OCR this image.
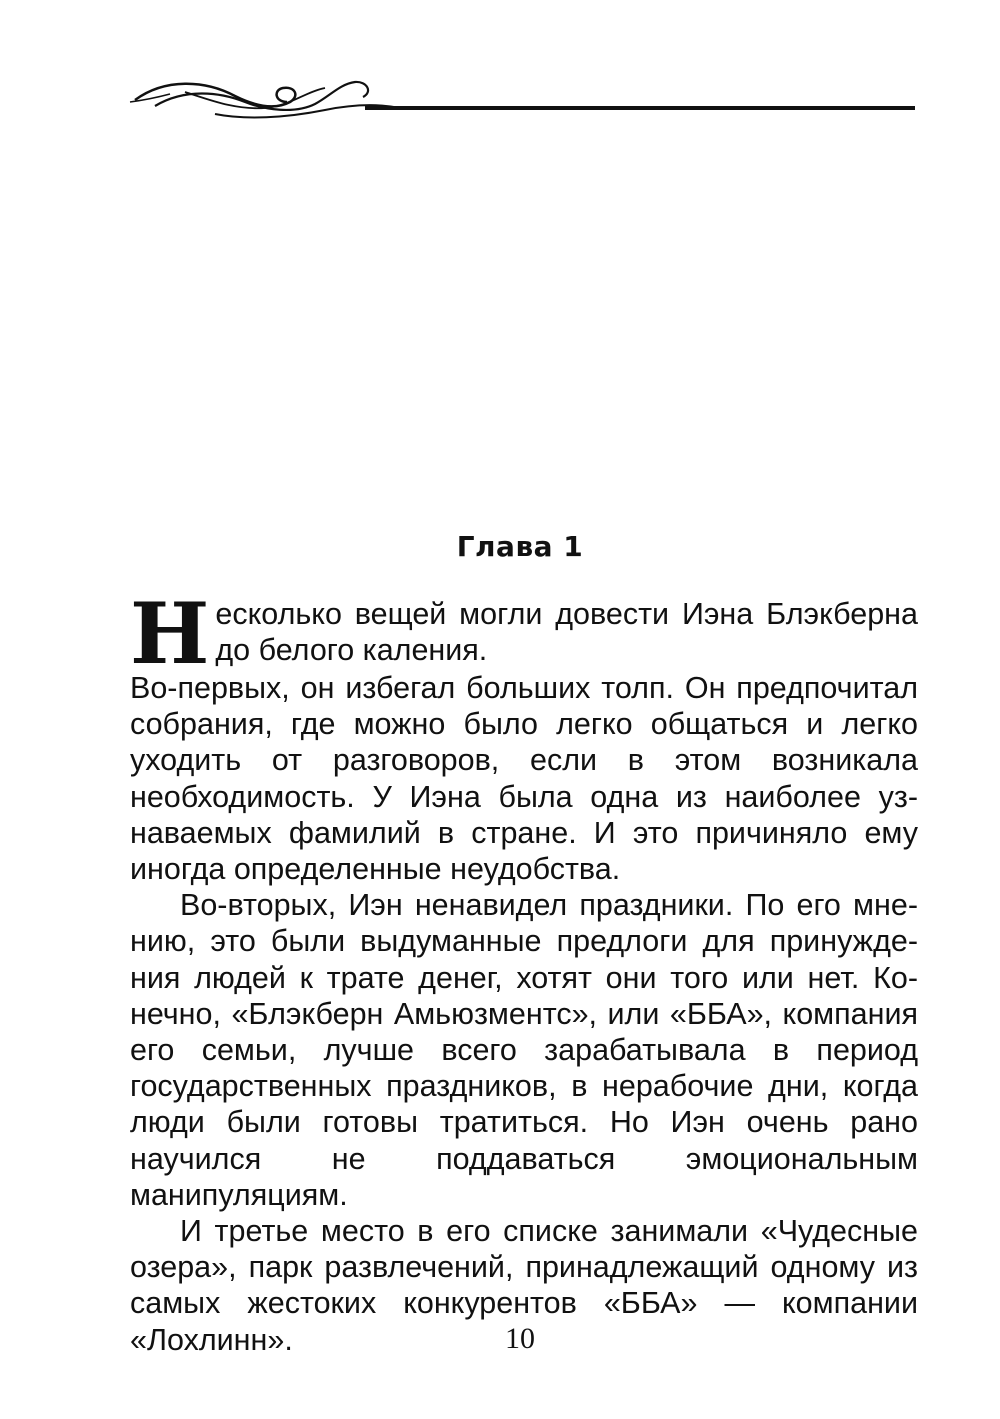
Глава 1

Несколько вещей могли довести Иэна Блэкберна до белого каления.

Во-первых, он избегал больших толп. Он предпочитал собрания, где можно было легко общаться и легко уходить от разговоров, если в этом возникала необходимость. У Иэна была одна из наиболее узнаваемых фамилий в стране. И это причиняло ему иногда определенные неудобства.

Во-вторых, Иэн ненавидел праздники. По его мнению, это были выдуманные предлоги для принуждения людей к трате денег, хотят они того или нет. Конечно, «Блэкберн Амьюзментс», или «ББА», компания его семьи, лучше всего зарабатывала в период государственных праздников, в нерабочие дни, когда люди были готовы тратиться. Но Иэн очень рано научился не поддаваться эмоциональным манипуляциям.

И третье место в его списке занимали «Чудесные озера», парк развлечений, принадлежащий одному из самых жестоких конкурентов «ББА» — компании «Лохлинн».	10
